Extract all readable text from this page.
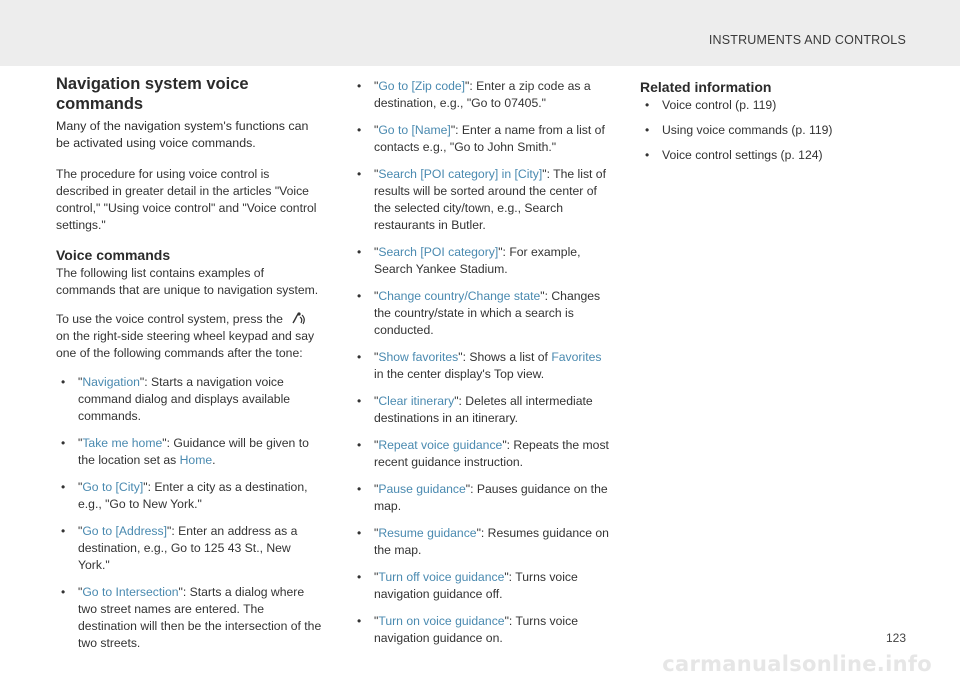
INSTRUMENTS AND CONTROLS
Navigation system voice commands
Many of the navigation system's functions can be activated using voice commands.

The procedure for using voice control is described in greater detail in the articles "Voice control," "Using voice control" and "Voice control settings."

Voice commands

The following list contains examples of commands that are unique to navigation system.

To use the voice control system, press the  on the right-side steering wheel keypad and say one of the following commands after the tone:

• "Navigation": Starts a navigation voice command dialog and displays available commands.
• "Take me home": Guidance will be given to the location set as Home.
• "Go to [City]": Enter a city as a destination, e.g., "Go to New York."
• "Go to [Address]": Enter an address as a destination, e.g., Go to 125 43 St., New York."
• "Go to Intersection": Starts a dialog where two street names are entered. The destination will then be the intersection of the two streets.
• "Go to [Zip code]": Enter a zip code as a destination, e.g., "Go to 07405."
• "Go to [Name]": Enter a name from a list of contacts e.g., "Go to John Smith."
• "Search [POI category] in [City]": The list of results will be sorted around the center of the selected city/town, e.g., Search restaurants in Butler.
• "Search [POI category]": For example, Search Yankee Stadium.
• "Change country/Change state": Changes the country/state in which a search is conducted.
• "Show favorites": Shows a list of Favorites in the center display's Top view.
• "Clear itinerary": Deletes all intermediate destinations in an itinerary.
• "Repeat voice guidance": Repeats the most recent guidance instruction.
• "Pause guidance": Pauses guidance on the map.
• "Resume guidance": Resumes guidance on the map.
• "Turn off voice guidance": Turns voice navigation guidance off.
• "Turn on voice guidance": Turns voice navigation guidance on.
Related information
• Voice control (p. 119)
• Using voice commands (p. 119)
• Voice control settings (p. 124)
123
carmanualsonline.info
